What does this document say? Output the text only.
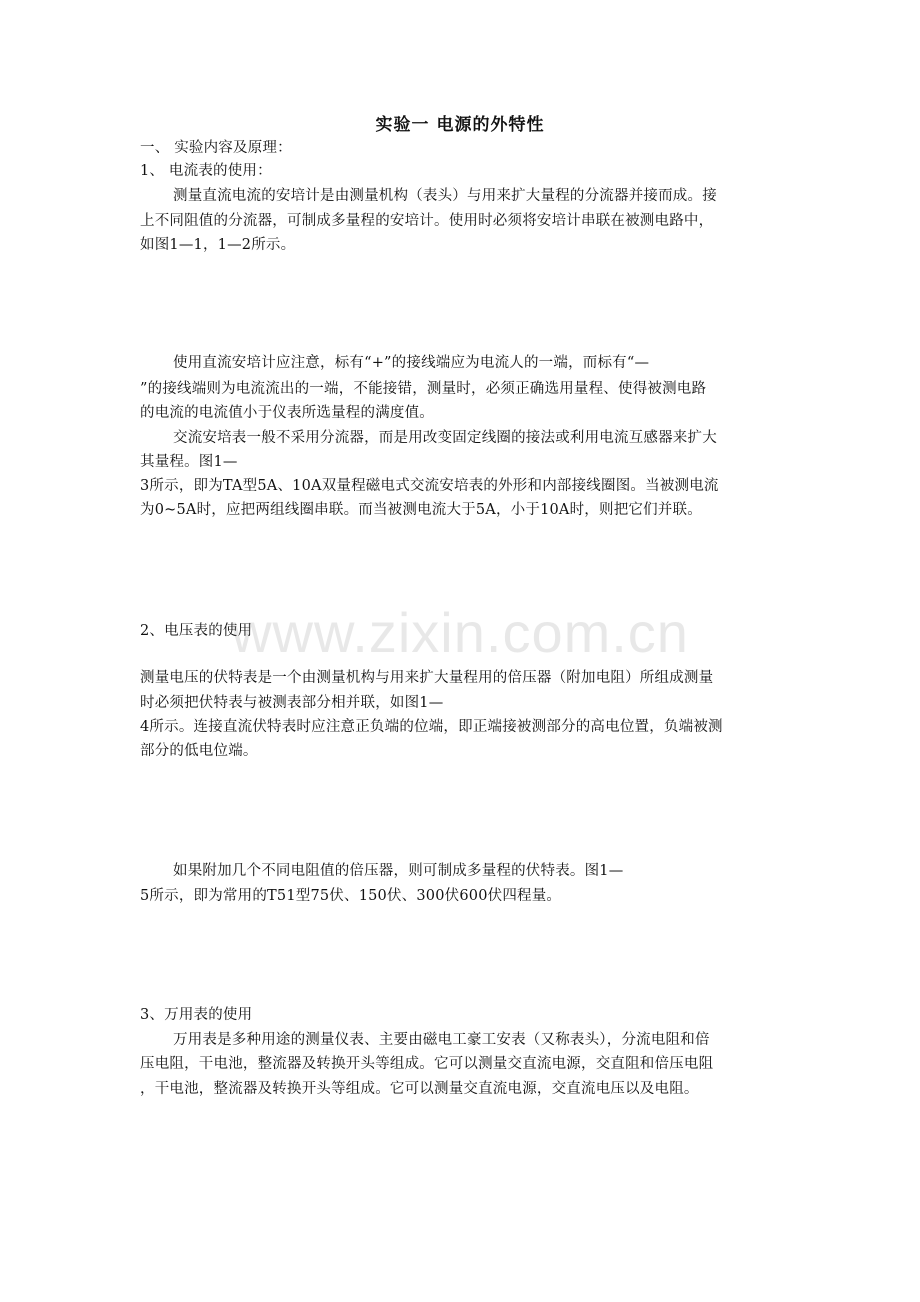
实验一 电源的外特性
一、 实验内容及原理：
1、 电流表的使用：
测量直流电流的安培计是由测量机构（表头）与用来扩大量程的分流器并接而成。接
上不同阻值的分流器，可制成多量程的安培计。使用时必须将安培计串联在被测电路中，
如图1—1，1—2所示。
使用直流安培计应注意，标有“+”的接线端应为电流人的一端，而标有“—
”的接线端则为电流流出的一端，不能接错，测量时，必须正确选用量程、使得被测电路
的电流的电流值小于仪表所选量程的满度值。
交流安培表一般不采用分流器，而是用改变固定线圈的接法或利用电流互感器来扩大
其量程。图1—
3所示，即为TA型5A、10A双量程磁电式交流安培表的外形和内部接线圈图。当被测电流
为0~5A时，应把两组线圈串联。而当被测电流大于5A，小于10A时，则把它们并联。
2、电压表的使用
测量电压的伏特表是一个由测量机构与用来扩大量程用的倍压器（附加电阻）所组成测量
时必须把伏特表与被测表部分相并联，如图1—
4所示。连接直流伏特表时应注意正负端的位端，即正端接被测部分的高电位置，负端被测
部分的低电位端。
如果附加几个不同电阻值的倍压器，则可制成多量程的伏特表。图1—
5所示，即为常用的T51型75伏、150伏、300伏600伏四程量。
3、万用表的使用
万用表是多种用途的测量仪表、主要由磁电工豪工安表（又称表头），分流电阻和倍
压电阻，干电池，整流器及转换开头等组成。它可以测量交直流电源，交直阻和倍压电阻
，干电池，整流器及转换开头等组成。它可以测量交直流电源，交直流电压以及电阻。
www.zixin.com.cn
